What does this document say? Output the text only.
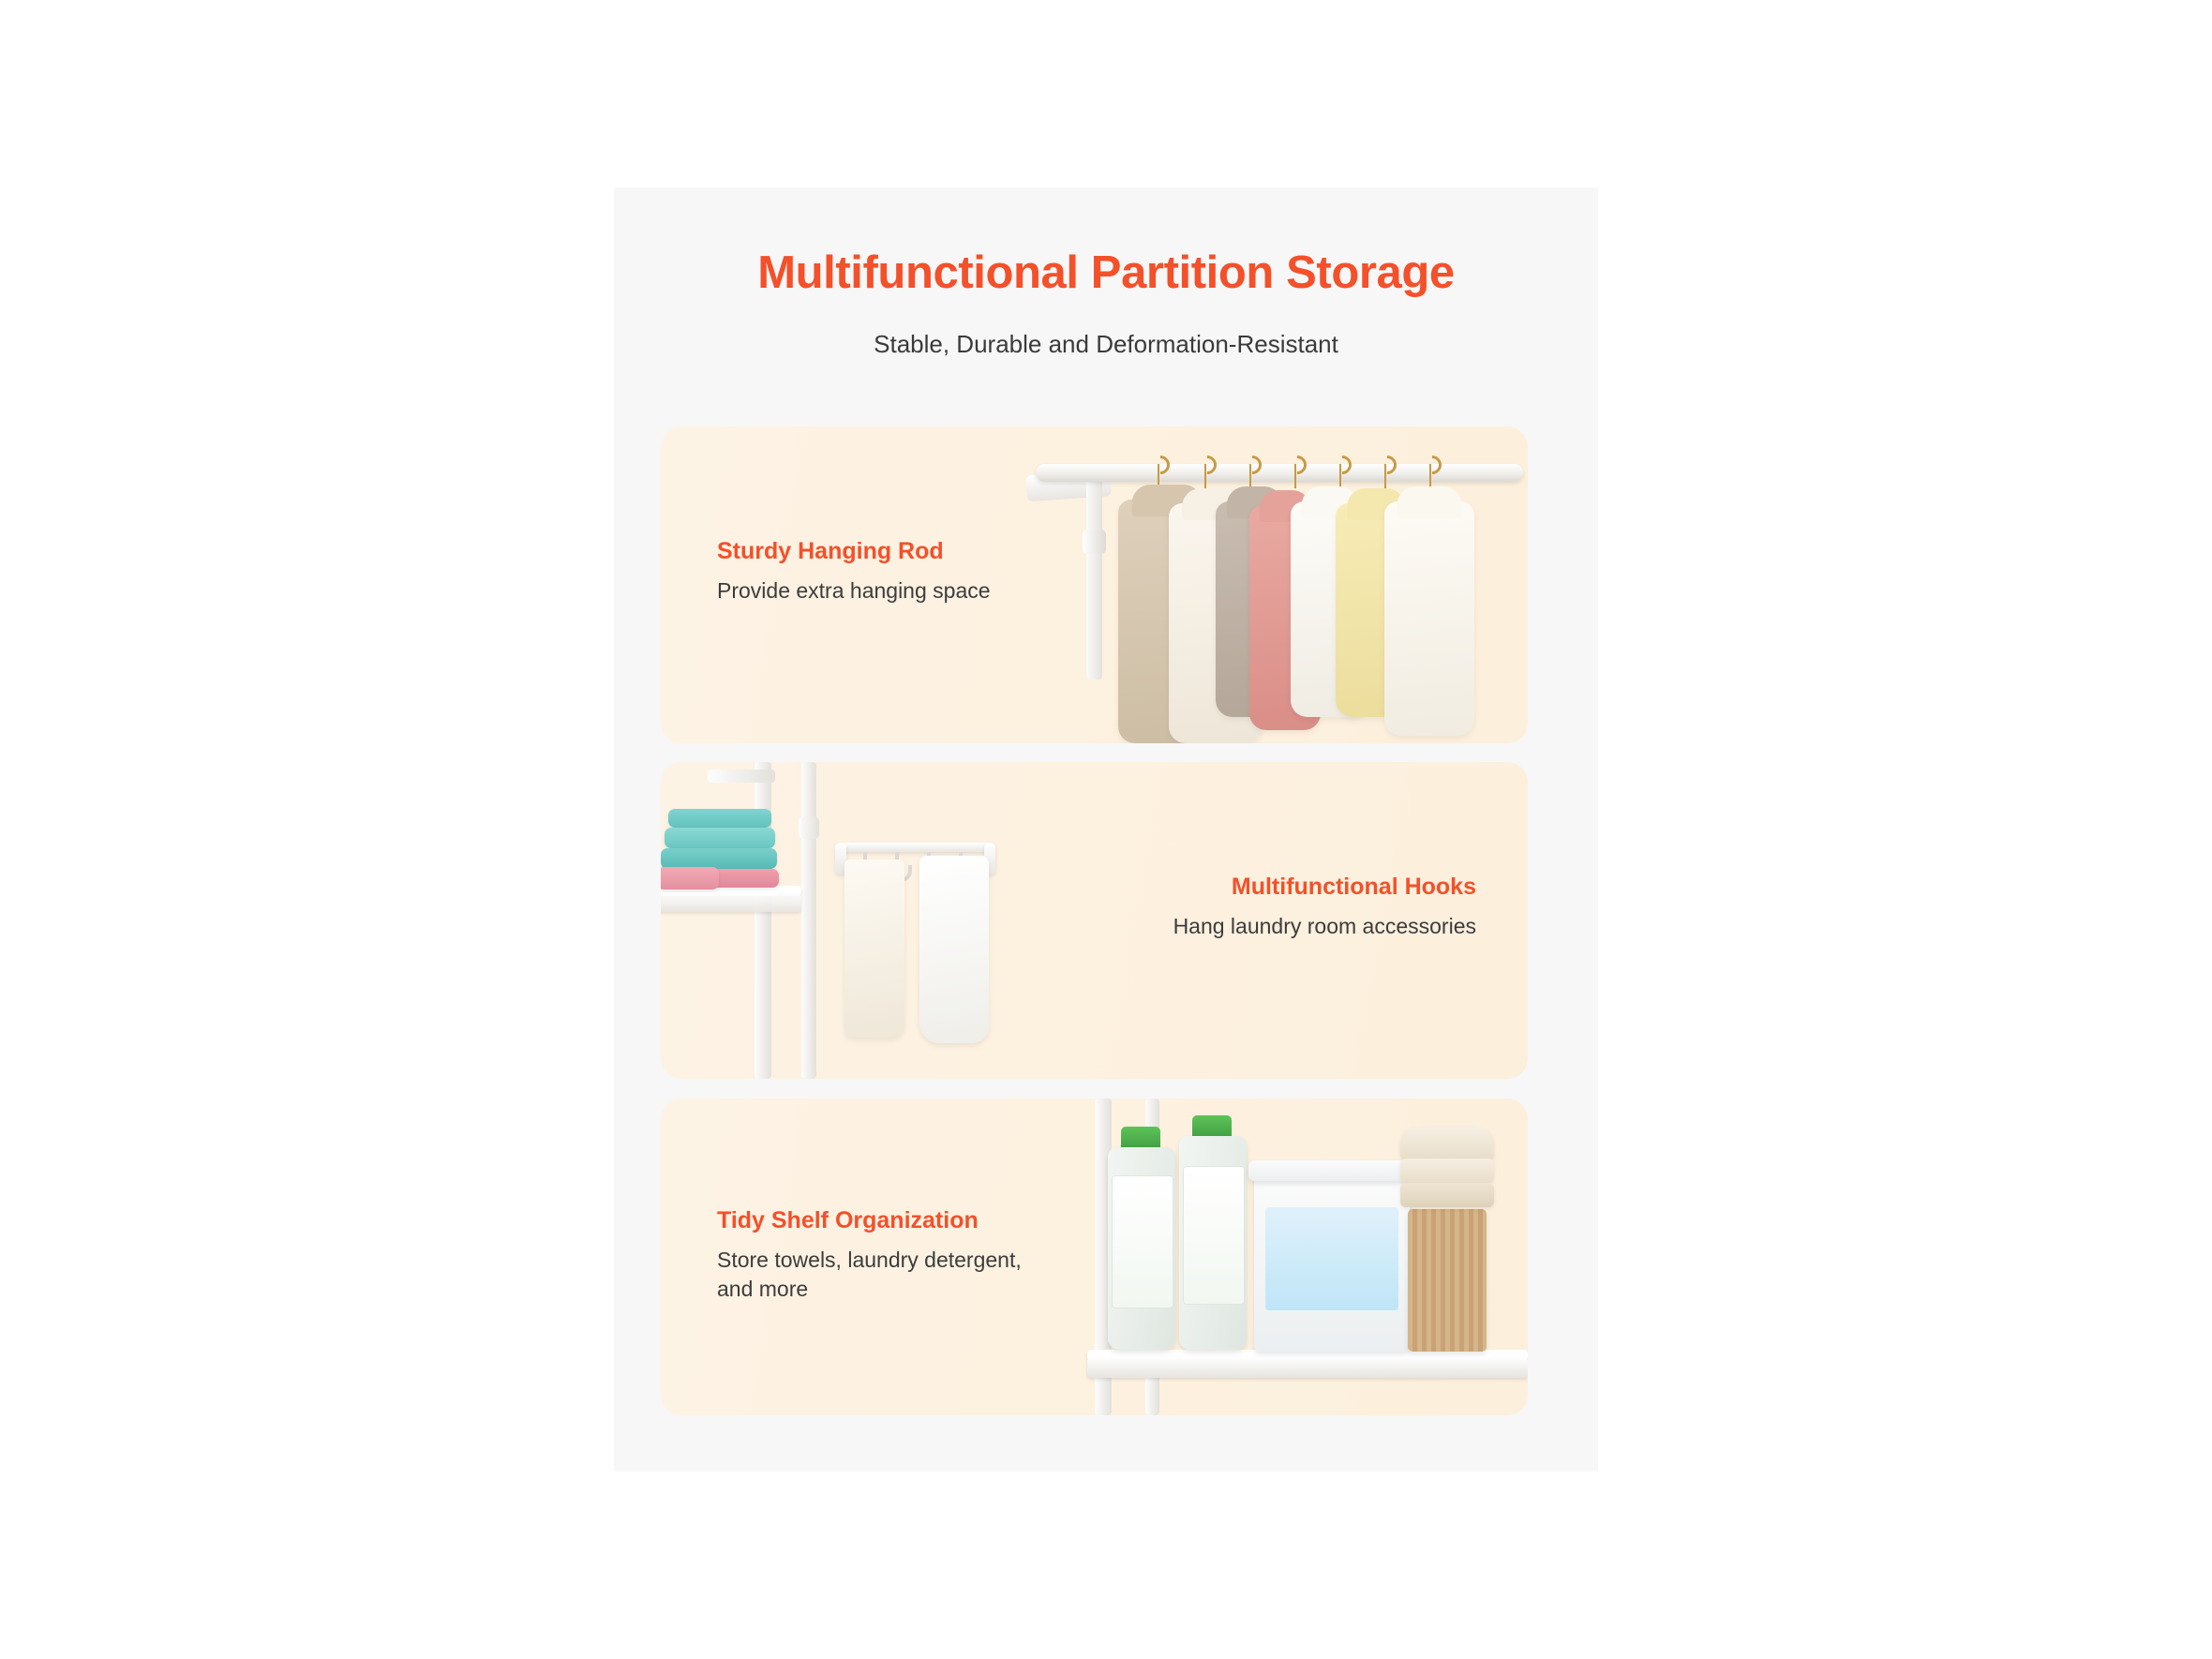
Multifunctional Partition Storage
Stable, Durable and Deformation-Resistant

Sturdy Hanging Rod

Provide extra hanging space

Multifunctional Hooks

Hang laundry room accessories

Tidy Shelf Organization

Store towels, laundry detergent, and more
